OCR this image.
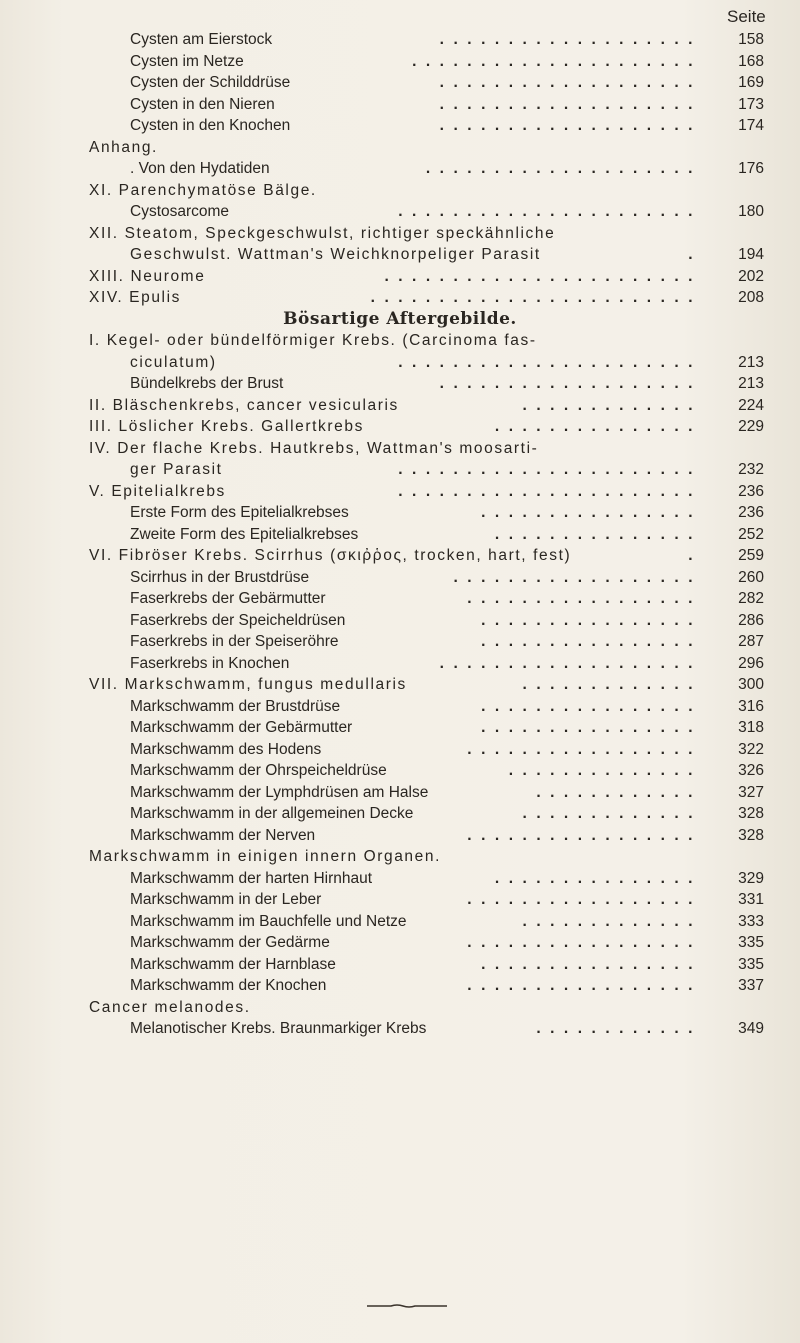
Seite
Cysten am Eierstock	158
...................
Cysten im Netze	168
.....................
Cysten der Schilddrüse	169
...................
Cysten in den Nieren	173
...................
Cysten in den Knochen	174
...................
Anhang.
. Von den Hydatiden	176
....................
XI. Parenchymatöse Bälge.
Cystosarcome	180
......................
XII. Steatom, Speckgeschwulst, richtiger speckähnliche
Geschwulst. Wattman's Weichknorpeliger Parasit	194
.
XIII. Neurome	202
.......................
XIV. Epulis	208
........................
Bösartige Aftergebilde.
I. Kegel- oder bündelförmiger Krebs. (Carcinoma fas-
ciculatum)	213
......................
Bündelkrebs der Brust	213
...................
II. Bläschenkrebs, cancer vesicularis	224
.............
III. Löslicher Krebs. Gallertkrebs	229
...............
IV. Der flache Krebs. Hautkrebs, Wattman's moosarti-
ger Parasit	232
......................
V. Epitelialkrebs	236
......................
Erste Form des Epitelialkrebses	236
................
Zweite Form des Epitelialkrebses	252
...............
VI. Fibröser Krebs. Scirrhus (σκιῤῥος, trocken, hart, fest)	259
.
Scirrhus in der Brustdrüse	260
..................
Faserkrebs der Gebärmutter	282
.................
Faserkrebs der Speicheldrüsen	286
................
Faserkrebs in der Speiseröhre	287
................
Faserkrebs in Knochen	296
...................
VII. Markschwamm, fungus medullaris	300
.............
Markschwamm der Brustdrüse	316
................
Markschwamm der Gebärmutter	318
................
Markschwamm des Hodens	322
.................
Markschwamm der Ohrspeicheldrüse	326
..............
Markschwamm der Lymphdrüsen am Halse	327
............
Markschwamm in der allgemeinen Decke	328
.............
Markschwamm der Nerven	328
.................
Markschwamm in einigen innern Organen.
Markschwamm der harten Hirnhaut	329
...............
Markschwamm in der Leber	331
.................
Markschwamm im Bauchfelle und Netze	333
.............
Markschwamm der Gedärme	335
.................
Markschwamm der Harnblase	335
................
Markschwamm der Knochen	337
.................
Cancer melanodes.
Melanotischer Krebs. Braunmarkiger Krebs	349
............
